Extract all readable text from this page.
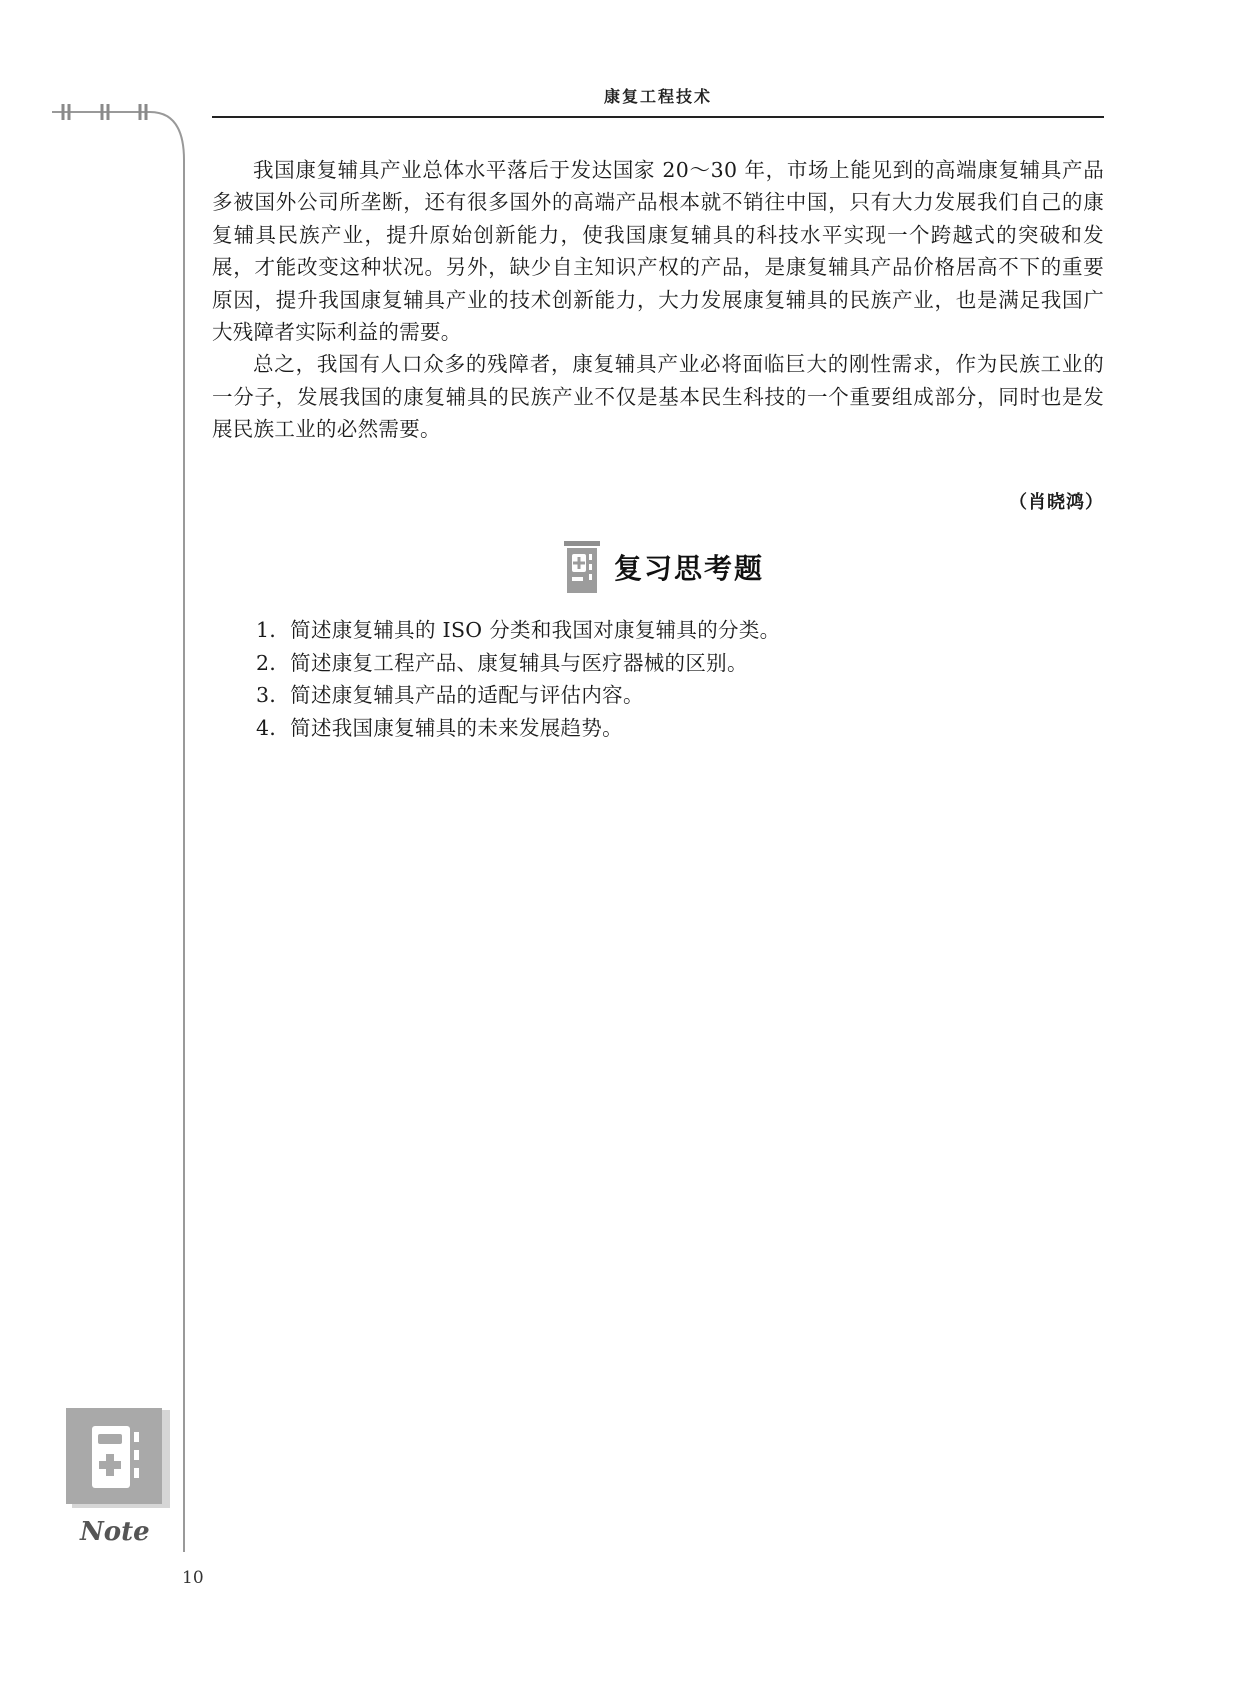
康复工程技术

我国康复辅具产业总体水平落后于发达国家 20～30 年，市场上能见到的高端康复辅具产品多被国外公司所垄断，还有很多国外的高端产品根本就不销往中国，只有大力发展我们自己的康复辅具民族产业，提升原始创新能力，使我国康复辅具的科技水平实现一个跨越式的突破和发展，才能改变这种状况。另外，缺少自主知识产权的产品，是康复辅具产品价格居高不下的重要原因，提升我国康复辅具产业的技术创新能力，大力发展康复辅具的民族产业，也是满足我国广大残障者实际利益的需要。

总之，我国有人口众多的残障者，康复辅具产业必将面临巨大的刚性需求，作为民族工业的一分子，发展我国的康复辅具的民族产业不仅是基本民生科技的一个重要组成部分，同时也是发展民族工业的必然需要。

（肖晓鸿）
复习思考题
1．简述康复辅具的 ISO 分类和我国对康复辅具的分类。
2．简述康复工程产品、康复辅具与医疗器械的区别。
3．简述康复辅具产品的适配与评估内容。
4．简述我国康复辅具的未来发展趋势。
Note
10
